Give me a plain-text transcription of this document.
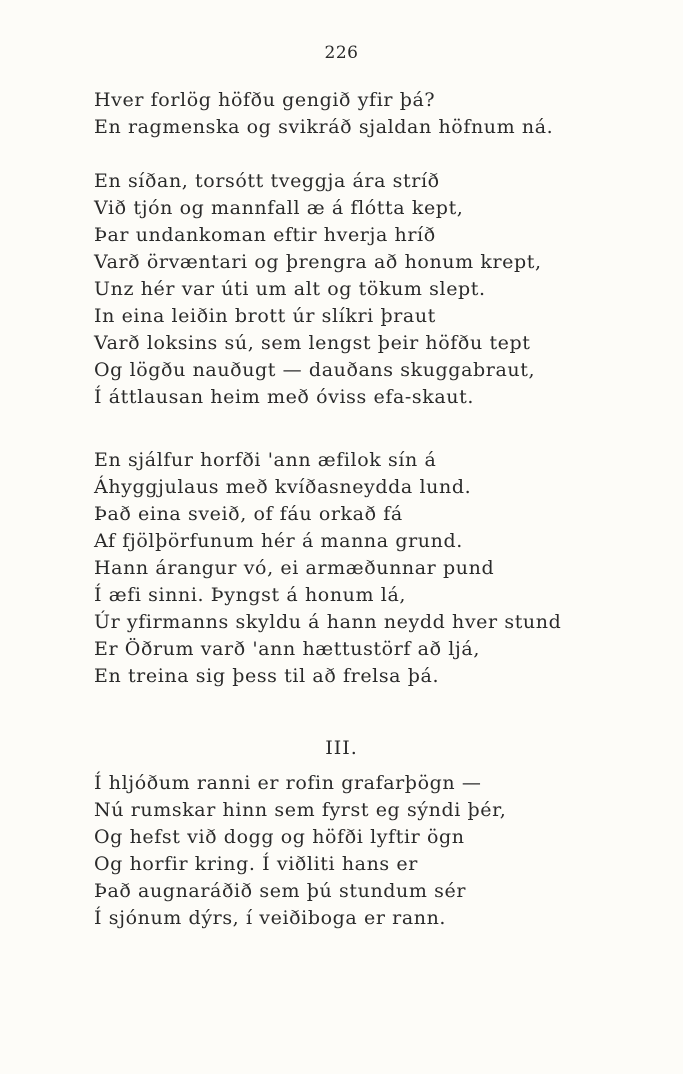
226
Hver forlög höfðu gengið yfir þá?
En ragmenska og svikráð sjaldan höfnum ná.
En síðan, torsótt tveggja ára stríð
Við tjón og mannfall æ á flótta kept,
Þar undankoman eftir hverja hríð
Varð örvæntari og þrengra að honum krept,
Unz hér var úti um alt og tökum slept.
In eina leiðin brott úr slíkri þraut
Varð loksins sú, sem lengst þeir höfðu tept
Og lögðu nauðugt — dauðans skuggabraut,
Í áttlausan heim með óviss efa-skaut.
En sjálfur horfði 'ann æfilok sín á
Áhyggjulaus með kvíðasneydda lund.
Það eina sveið, of fáu orkað fá
Af fjölþörfunum hér á manna grund.
Hann árangur vó, ei armæðunnar pund
Í æfi sinni. Þyngst á honum lá,
Úr yfirmanns skyldu á hann neydd hver stund
Er Öðrum varð 'ann hættustörf að ljá,
En treina sig þess til að frelsa þá.
III.
Í hljóðum ranni er rofin grafarþögn —
Nú rumskar hinn sem fyrst eg sýndi þér,
Og hefst við dogg og höfði lyftir ögn
Og horfir kring. Í viðliti hans er
Það augnaráðið sem þú stundum sér
Í sjónum dýrs, í veiðiboga er rann.
